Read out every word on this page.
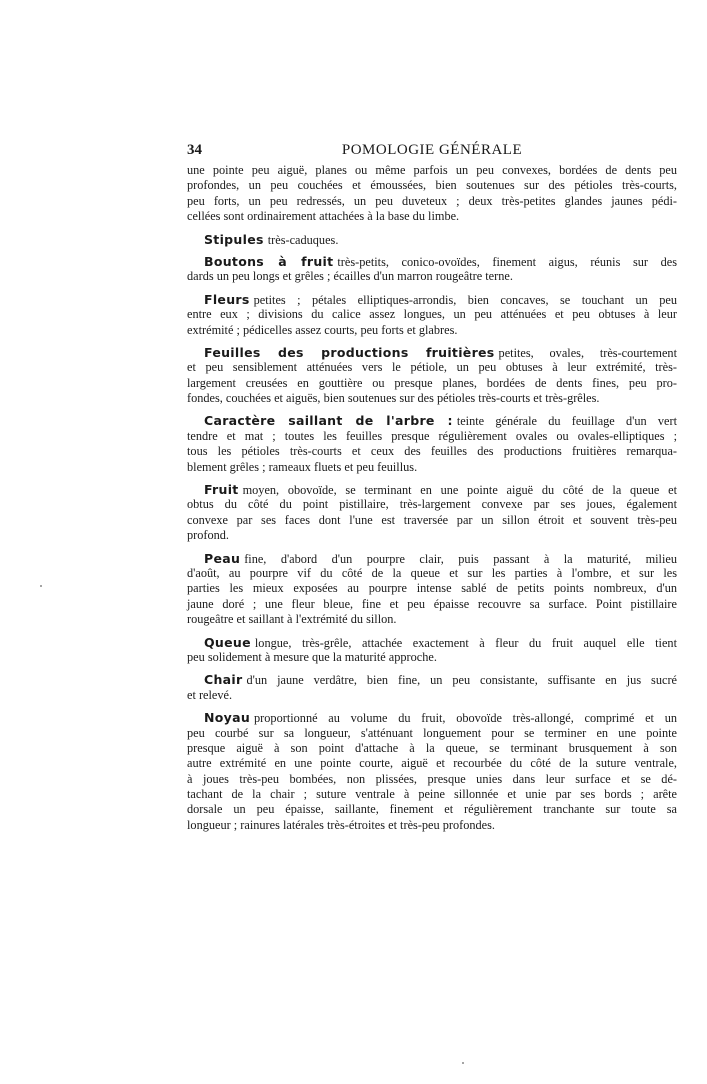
34	POMOLOGIE GÉNÉRALE
une pointe peu aiguë, planes ou même parfois un peu convexes, bordées de dents peu
profondes, un peu couchées et émoussées, bien soutenues sur des pétioles très-courts,
peu forts, un peu redressés, un peu duveteux ; deux très-petites glandes jaunes pédi-
cellées sont ordinairement attachées à la base du limbe.
Stipules très-caduques.
Boutons à fruit très-petits, conico-ovoïdes, finement aigus, réunis sur des
dards un peu longs et grêles ; écailles d'un marron rougeâtre terne.
Fleurs petites ; pétales elliptiques-arrondis, bien concaves, se touchant un peu
entre eux ; divisions du calice assez longues, un peu atténuées et peu obtuses à leur
extrémité ; pédicelles assez courts, peu forts et glabres.
Feuilles des productions fruitières petites, ovales, très-courtement
et peu sensiblement atténuées vers le pétiole, un peu obtuses à leur extrémité, très-
largement creusées en gouttière ou presque planes, bordées de dents fines, peu pro-
fondes, couchées et aiguës, bien soutenues sur des pétioles très-courts et très-grêles.
Caractère saillant de l'arbre : teinte générale du feuillage d'un vert
tendre et mat ; toutes les feuilles presque régulièrement ovales ou ovales-elliptiques ;
tous les pétioles très-courts et ceux des feuilles des productions fruitières remarqua-
blement grêles ; rameaux fluets et peu feuillus.
Fruit moyen, obovoïde, se terminant en une pointe aiguë du côté de la queue et
obtus du côté du point pistillaire, très-largement convexe par ses joues, également
convexe par ses faces dont l'une est traversée par un sillon étroit et souvent très-peu
profond.
Peau fine, d'abord d'un pourpre clair, puis passant à la maturité, milieu
d'août, au pourpre vif du côté de la queue et sur les parties à l'ombre, et sur les
parties les mieux exposées au pourpre intense sablé de petits points nombreux, d'un
jaune doré ; une fleur bleue, fine et peu épaisse recouvre sa surface. Point pistillaire
rougeâtre et saillant à l'extrémité du sillon.
Queue longue, très-grêle, attachée exactement à fleur du fruit auquel elle tient
peu solidement à mesure que la maturité approche.
Chair d'un jaune verdâtre, bien fine, un peu consistante, suffisante en jus sucré
et relevé.
Noyau proportionné au volume du fruit, obovoïde très-allongé, comprimé et un
peu courbé sur sa longueur, s'atténuant longuement pour se terminer en une pointe
presque aiguë à son point d'attache à la queue, se terminant brusquement à son
autre extrémité en une pointe courte, aiguë et recourbée du côté de la suture ventrale,
à joues très-peu bombées, non plissées, presque unies dans leur surface et se dé-
tachant de la chair ; suture ventrale à peine sillonnée et unie par ses bords ; arête
dorsale un peu épaisse, saillante, finement et régulièrement tranchante sur toute sa
longueur ; rainures latérales très-étroites et très-peu profondes.
